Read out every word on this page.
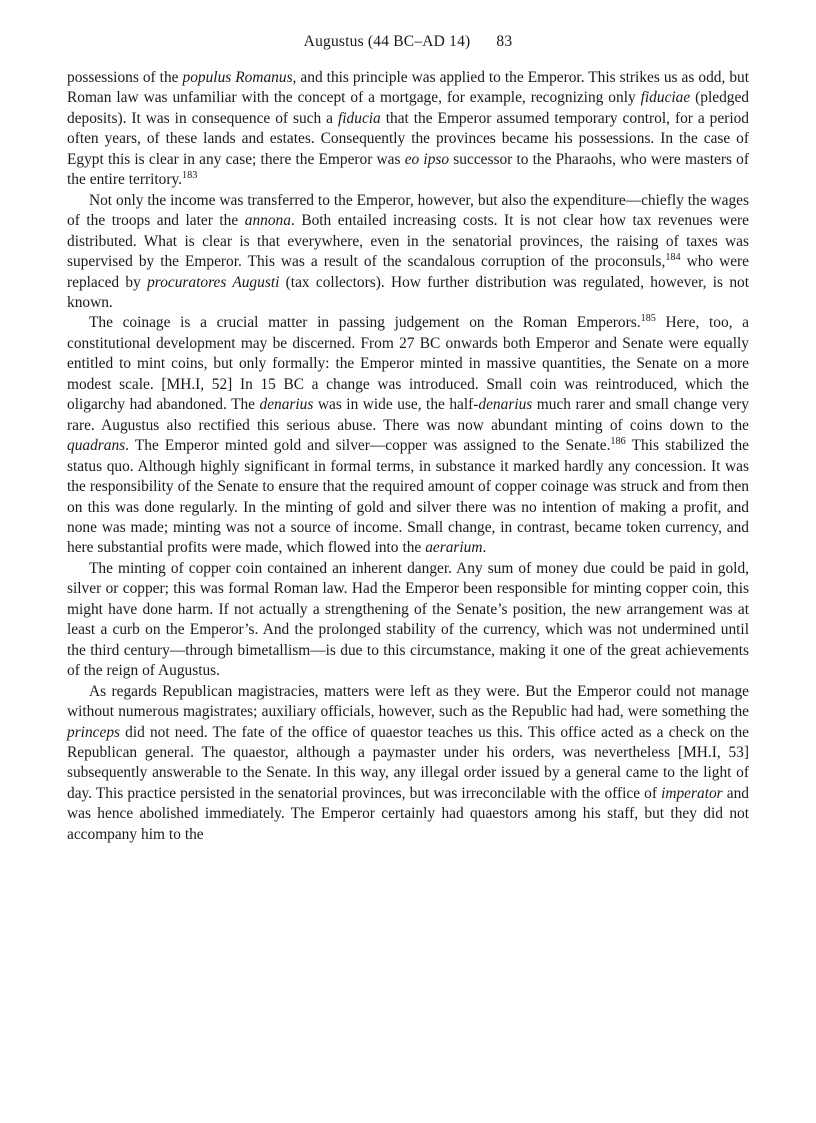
Augustus (44 BC–AD 14) 83

possessions of the populus Romanus, and this principle was applied to the Emperor. This strikes us as odd, but Roman law was unfamiliar with the concept of a mortgage, for example, recognizing only fiduciae (pledged deposits). It was in consequence of such a fiducia that the Emperor assumed temporary control, for a period often years, of these lands and estates. Consequently the provinces became his possessions. In the case of Egypt this is clear in any case; there the Emperor was eo ipso successor to the Pharaohs, who were masters of the entire territory.$^{183}$

Not only the income was transferred to the Emperor, however, but also the expenditure—chiefly the wages of the troops and later the annona. Both entailed increasing costs. It is not clear how tax revenues were distributed. What is clear is that everywhere, even in the senatorial provinces, the raising of taxes was supervised by the Emperor. This was a result of the scandalous corruption of the proconsuls,$^{184}$ who were replaced by procuratores Augusti (tax collectors). How further distribution was regulated, however, is not known.

The coinage is a crucial matter in passing judgement on the Roman Emperors.$^{185}$ Here, too, a constitutional development may be discerned. From 27 BC onwards both Emperor and Senate were equally entitled to mint coins, but only formally: the Emperor minted in massive quantities, the Senate on a more modest scale. [MH.I, 52] In 15 BC a change was introduced. Small coin was reintroduced, which the oligarchy had abandoned. The denarius was in wide use, the half-denarius much rarer and small change very rare. Augustus also rectified this serious abuse. There was now abundant minting of coins down to the quadrans. The Emperor minted gold and silver—copper was assigned to the Senate.$^{186}$ This stabilized the status quo. Although highly significant in formal terms, in substance it marked hardly any concession. It was the responsibility of the Senate to ensure that the required amount of copper coinage was struck and from then on this was done regularly. In the minting of gold and silver there was no intention of making a profit, and none was made; minting was not a source of income. Small change, in contrast, became token currency, and here substantial profits were made, which flowed into the aerarium.

The minting of copper coin contained an inherent danger. Any sum of money due could be paid in gold, silver or copper; this was formal Roman law. Had the Emperor been responsible for minting copper coin, this might have done harm. If not actually a strengthening of the Senate’s position, the new arrangement was at least a curb on the Emperor’s. And the prolonged stability of the currency, which was not undermined until the third century—through bimetallism—is due to this circumstance, making it one of the great achievements of the reign of Augustus.

As regards Republican magistracies, matters were left as they were. But the Emperor could not manage without numerous magistrates; auxiliary officials, however, such as the Republic had had, were something the princeps did not need. The fate of the office of quaestor teaches us this. This office acted as a check on the Republican general. The quaestor, although a paymaster under his orders, was nevertheless [MH.I, 53] subsequently answerable to the Senate. In this way, any illegal order issued by a general came to the light of day. This practice persisted in the senatorial provinces, but was irreconcilable with the office of imperator and was hence abolished immediately. The Emperor certainly had quaestors among his staff, but they did not accompany him to the
